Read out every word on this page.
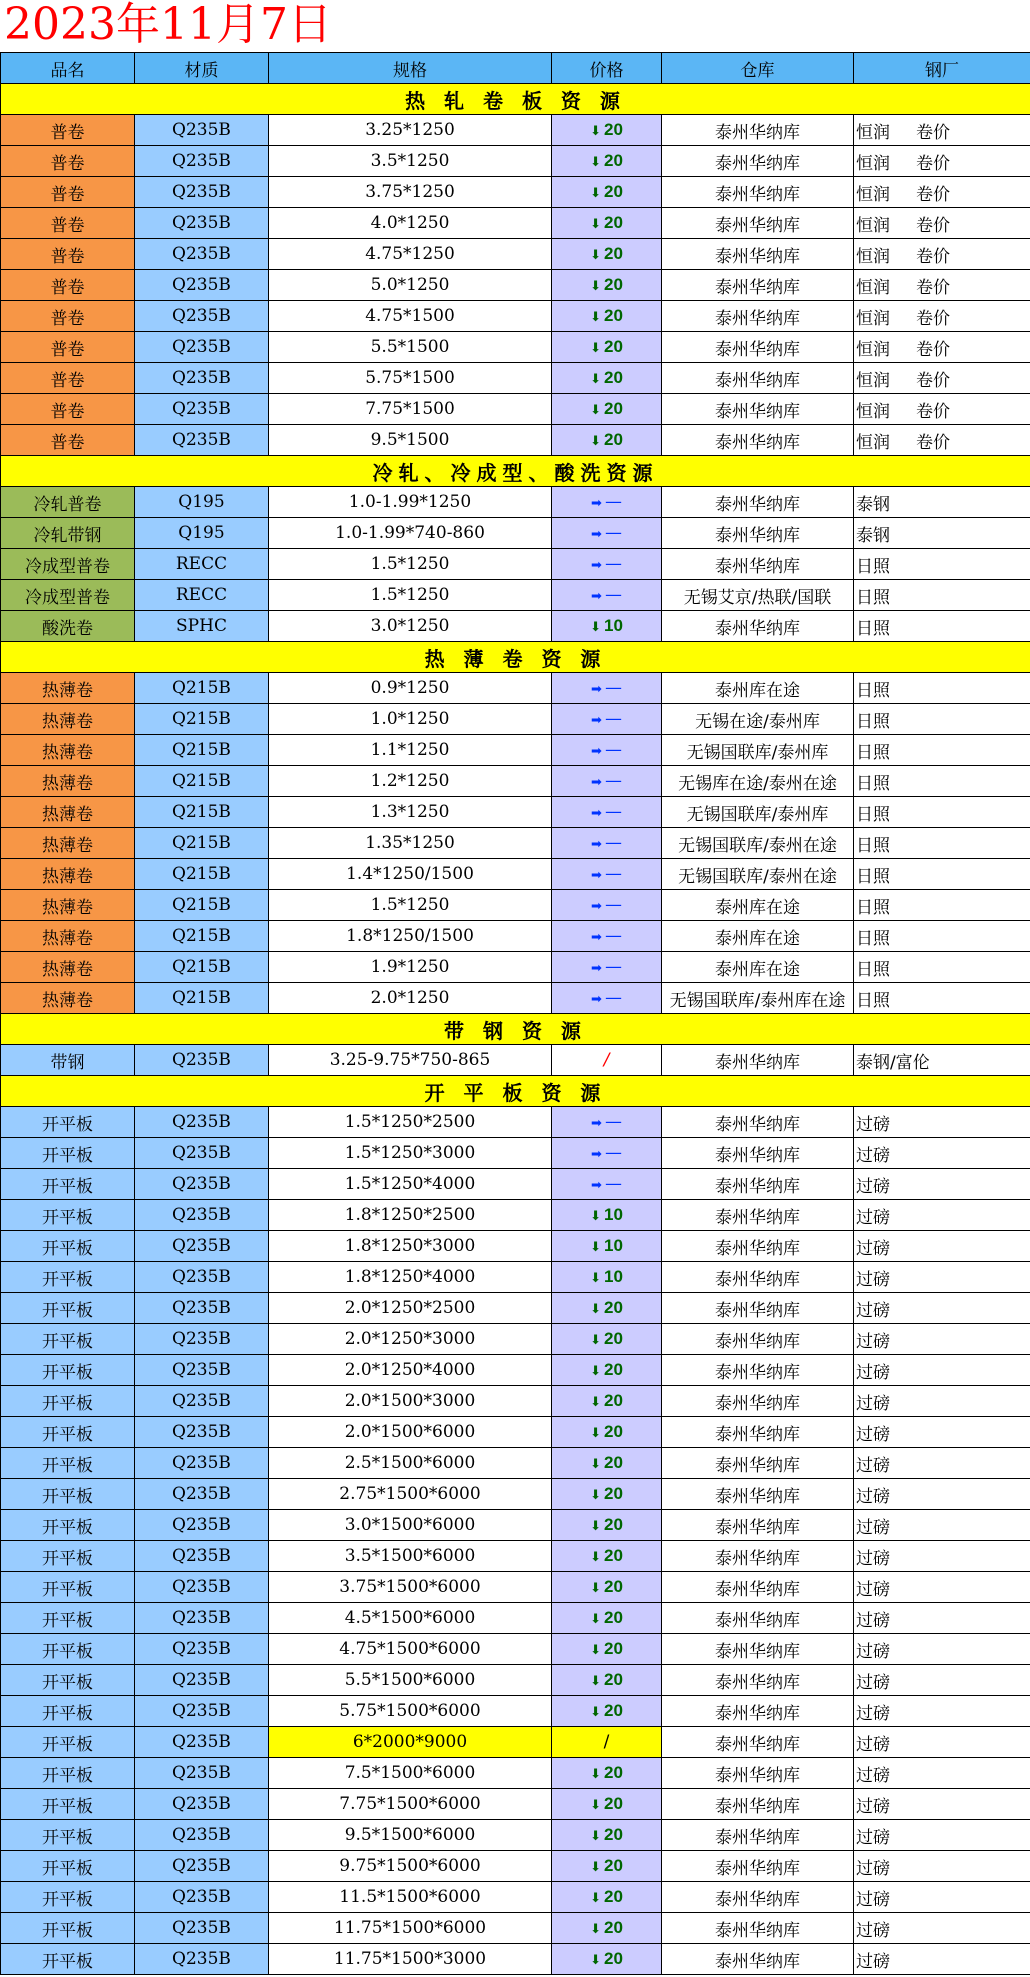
2023年11月7日
品名	材质	规格	价格	仓库	钢厂
热 轧 卷 板 资 源					
普卷	Q235B	3.25*1250	⬇ 20	泰州华纳库	恒润 卷价
普卷	Q235B	3.5*1250	⬇ 20	泰州华纳库	恒润 卷价
普卷	Q235B	3.75*1250	⬇ 20	泰州华纳库	恒润 卷价
普卷	Q235B	4.0*1250	⬇ 20	泰州华纳库	恒润 卷价
普卷	Q235B	4.75*1250	⬇ 20	泰州华纳库	恒润 卷价
普卷	Q235B	5.0*1250	⬇ 20	泰州华纳库	恒润 卷价
普卷	Q235B	4.75*1500	⬇ 20	泰州华纳库	恒润 卷价
普卷	Q235B	5.5*1500	⬇ 20	泰州华纳库	恒润 卷价
普卷	Q235B	5.75*1500	⬇ 20	泰州华纳库	恒润 卷价
普卷	Q235B	7.75*1500	⬇ 20	泰州华纳库	恒润 卷价
普卷	Q235B	9.5*1500	⬇ 20	泰州华纳库	恒润 卷价
冷轧、冷成型、酸洗资源					
冷轧普卷	Q195	1.0-1.99*1250	➡ —	泰州华纳库	泰钢
冷轧带钢	Q195	1.0-1.99*740-860	➡ —	泰州华纳库	泰钢
冷成型普卷	RECC	1.5*1250	➡ —	泰州华纳库	日照
冷成型普卷	RECC	1.5*1250	➡ —	无锡艾京/热联/国联	日照
酸洗卷	SPHC	3.0*1250	⬇ 10	泰州华纳库	日照
热 薄 卷 资 源					
热薄卷	Q215B	0.9*1250	➡ —	泰州库在途	日照
热薄卷	Q215B	1.0*1250	➡ —	无锡在途/泰州库	日照
热薄卷	Q215B	1.1*1250	➡ —	无锡国联库/泰州库	日照
热薄卷	Q215B	1.2*1250	➡ —	无锡库在途/泰州在途	日照
热薄卷	Q215B	1.3*1250	➡ —	无锡国联库/泰州库	日照
热薄卷	Q215B	1.35*1250	➡ —	无锡国联库/泰州在途	日照
热薄卷	Q215B	1.4*1250/1500	➡ —	无锡国联库/泰州在途	日照
热薄卷	Q215B	1.5*1250	➡ —	泰州库在途	日照
热薄卷	Q215B	1.8*1250/1500	➡ —	泰州库在途	日照
热薄卷	Q215B	1.9*1250	➡ —	泰州库在途	日照
热薄卷	Q215B	2.0*1250	➡ —	无锡国联库/泰州库在途	日照
带 钢 资 源					
带钢	Q235B	3.25-9.75*750-865	/	泰州华纳库	泰钢/富伦
开 平 板 资 源					
开平板	Q235B	1.5*1250*2500	➡ —	泰州华纳库	过磅
开平板	Q235B	1.5*1250*3000	➡ —	泰州华纳库	过磅
开平板	Q235B	1.5*1250*4000	➡ —	泰州华纳库	过磅
开平板	Q235B	1.8*1250*2500	⬇ 10	泰州华纳库	过磅
开平板	Q235B	1.8*1250*3000	⬇ 10	泰州华纳库	过磅
开平板	Q235B	1.8*1250*4000	⬇ 10	泰州华纳库	过磅
开平板	Q235B	2.0*1250*2500	⬇ 20	泰州华纳库	过磅
开平板	Q235B	2.0*1250*3000	⬇ 20	泰州华纳库	过磅
开平板	Q235B	2.0*1250*4000	⬇ 20	泰州华纳库	过磅
开平板	Q235B	2.0*1500*3000	⬇ 20	泰州华纳库	过磅
开平板	Q235B	2.0*1500*6000	⬇ 20	泰州华纳库	过磅
开平板	Q235B	2.5*1500*6000	⬇ 20	泰州华纳库	过磅
开平板	Q235B	2.75*1500*6000	⬇ 20	泰州华纳库	过磅
开平板	Q235B	3.0*1500*6000	⬇ 20	泰州华纳库	过磅
开平板	Q235B	3.5*1500*6000	⬇ 20	泰州华纳库	过磅
开平板	Q235B	3.75*1500*6000	⬇ 20	泰州华纳库	过磅
开平板	Q235B	4.5*1500*6000	⬇ 20	泰州华纳库	过磅
开平板	Q235B	4.75*1500*6000	⬇ 20	泰州华纳库	过磅
开平板	Q235B	5.5*1500*6000	⬇ 20	泰州华纳库	过磅
开平板	Q235B	5.75*1500*6000	⬇ 20	泰州华纳库	过磅
开平板	Q235B	6*2000*9000	/	泰州华纳库	过磅
开平板	Q235B	7.5*1500*6000	⬇ 20	泰州华纳库	过磅
开平板	Q235B	7.75*1500*6000	⬇ 20	泰州华纳库	过磅
开平板	Q235B	9.5*1500*6000	⬇ 20	泰州华纳库	过磅
开平板	Q235B	9.75*1500*6000	⬇ 20	泰州华纳库	过磅
开平板	Q235B	11.5*1500*6000	⬇ 20	泰州华纳库	过磅
开平板	Q235B	11.75*1500*6000	⬇ 20	泰州华纳库	过磅
开平板	Q235B	11.75*1500*3000	⬇ 20	泰州华纳库	过磅
